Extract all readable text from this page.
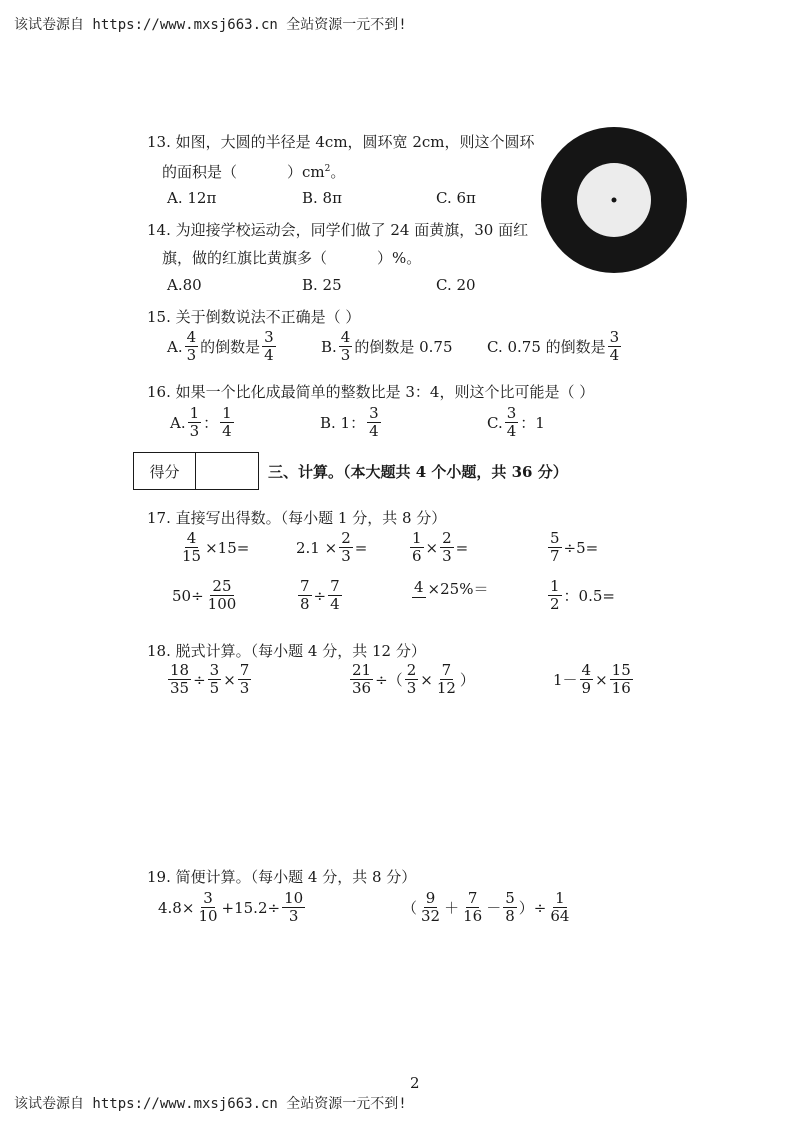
该试卷源自 https://www.mxsj663.cn 全站资源一元不到!
该试卷源自 https://www.mxsj663.cn 全站资源一元不到!
13. 如图，大圆的半径是 4cm，圆环宽 2cm，则这个圆环
的面积是（	）$cm^2$。
A. 12π	B. 8π	C. 6π
14. 为迎接学校运动会，同学们做了 24 面黄旗，30 面红
旗，做的红旗比黄旗多（	）%。
A.80	B. 25	C. 20
15. 关于倒数说法不正确是（ ）
A. $\frac{4}{3}$ 的倒数是 $\frac{3}{4}$	B. $\frac{4}{3}$ 的倒数是 0.75 C. 0.75 的倒数是 $\frac{3}{4}$
16. 如果一个比化成最简单的整数比是 3：4，则这个比可能是（ ）
A. $\frac{1}{3}$ ： $\frac{1}{4}$	B. 1： $\frac{3}{4}$	C. $\frac{3}{4}$ ：1
得分	三、计算。（本大题共 4 个小题，共 36 分）
17. 直接写出得数。（每小题 1 分，共 8 分）
$\frac{4}{15} \times 15=$	$2.1 \times \frac{2}{3}$ =	$\frac{1}{6} \times \frac{2}{3}$ =	$\frac{5}{7} \div 5=$
$50\div \frac{25}{100}$	$\frac{7}{8} \div \frac{7}{4}$	4 ×25%＝	$\frac{1}{2}$ ：0.5=
18. 脱式计算。（每小题 4 分，共 12 分）
$\frac{18}{35} \div \frac{3}{5} \times \frac{7}{3}$	$\frac{21}{36}$ ÷ （ $\frac{2}{3} \times \frac{7}{12}$ ）	$1- \frac{4}{9} \times \frac{15}{16}$
19. 简便计算。（每小题 4 分，共 8 分）
$4.8\times \frac{3}{10} +15.2\div \frac{10}{3}$	（ $\frac{9}{32} + \frac{7}{16} - \frac{5}{8}$ ）÷ $\frac{1}{64}$
2
